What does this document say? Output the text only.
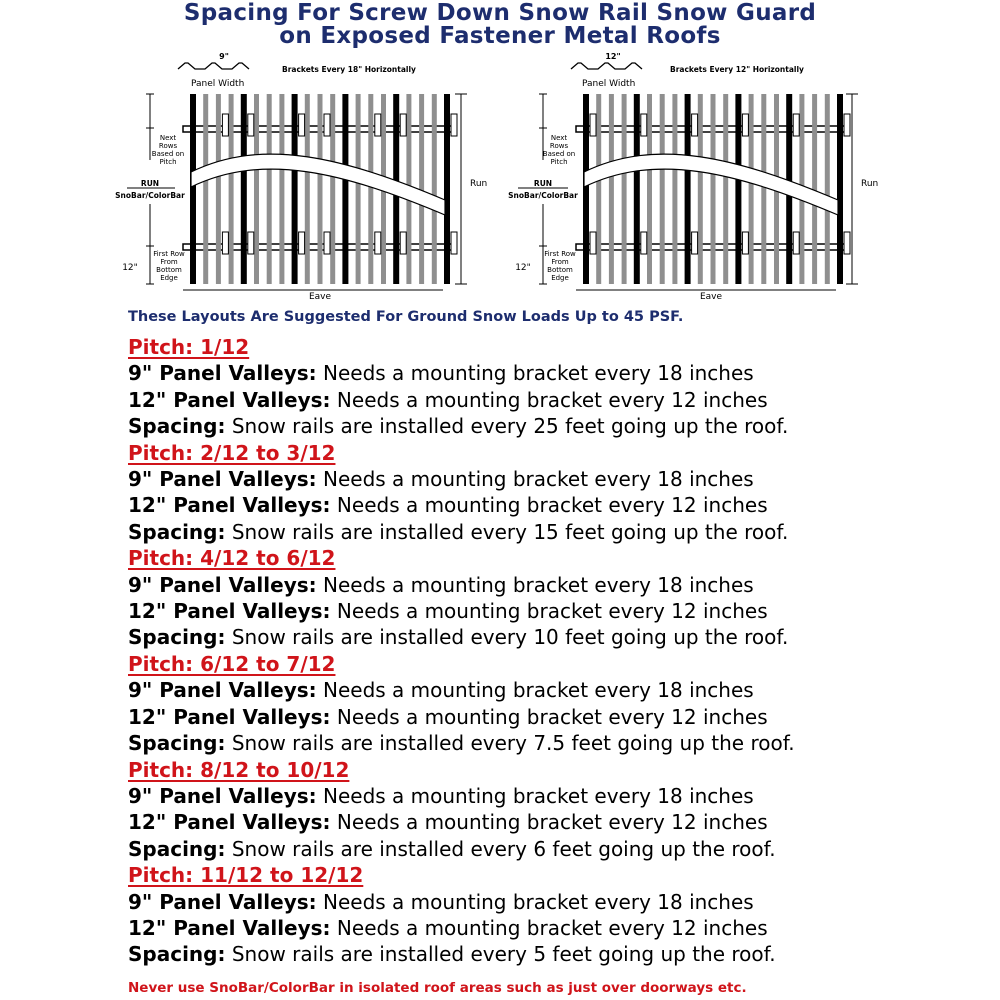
Spacing For Screw Down Snow Rail Snow Guard
on Exposed Fastener Metal Roofs
9"
Panel Width
Brackets Every 18" Horizontally
Next
Rows
Based on
Pitch
RUN
SnoBar/ColorBar
First Row
From
Bottom
Edge
12"
Run
Eave
12"
Panel Width
Brackets Every 12" Horizontally
Next
Rows
Based on
Pitch
RUN
SnoBar/ColorBar
First Row
From
Bottom
Edge
12"
Run
Eave
These Layouts Are Suggested For Ground Snow Loads Up to 45 PSF.
Pitch: 1/12
9" Panel Valleys: Needs a mounting bracket every 18 inches
12" Panel Valleys: Needs a mounting bracket every 12 inches
Spacing: Snow rails are installed every 25 feet going up the roof.
Pitch: 2/12 to 3/12
9" Panel Valleys: Needs a mounting bracket every 18 inches
12" Panel Valleys: Needs a mounting bracket every 12 inches
Spacing: Snow rails are installed every 15 feet going up the roof.
Pitch: 4/12 to 6/12
9" Panel Valleys: Needs a mounting bracket every 18 inches
12" Panel Valleys: Needs a mounting bracket every 12 inches
Spacing: Snow rails are installed every 10 feet going up the roof.
Pitch: 6/12 to 7/12
9" Panel Valleys: Needs a mounting bracket every 18 inches
12" Panel Valleys: Needs a mounting bracket every 12 inches
Spacing: Snow rails are installed every 7.5 feet going up the roof.
Pitch: 8/12 to 10/12
9" Panel Valleys: Needs a mounting bracket every 18 inches
12" Panel Valleys: Needs a mounting bracket every 12 inches
Spacing: Snow rails are installed every 6 feet going up the roof.
Pitch: 11/12 to 12/12
9" Panel Valleys: Needs a mounting bracket every 18 inches
12" Panel Valleys: Needs a mounting bracket every 12 inches
Spacing: Snow rails are installed every 5 feet going up the roof.
Never use SnoBar/ColorBar in isolated roof areas such as just over doorways etc.
